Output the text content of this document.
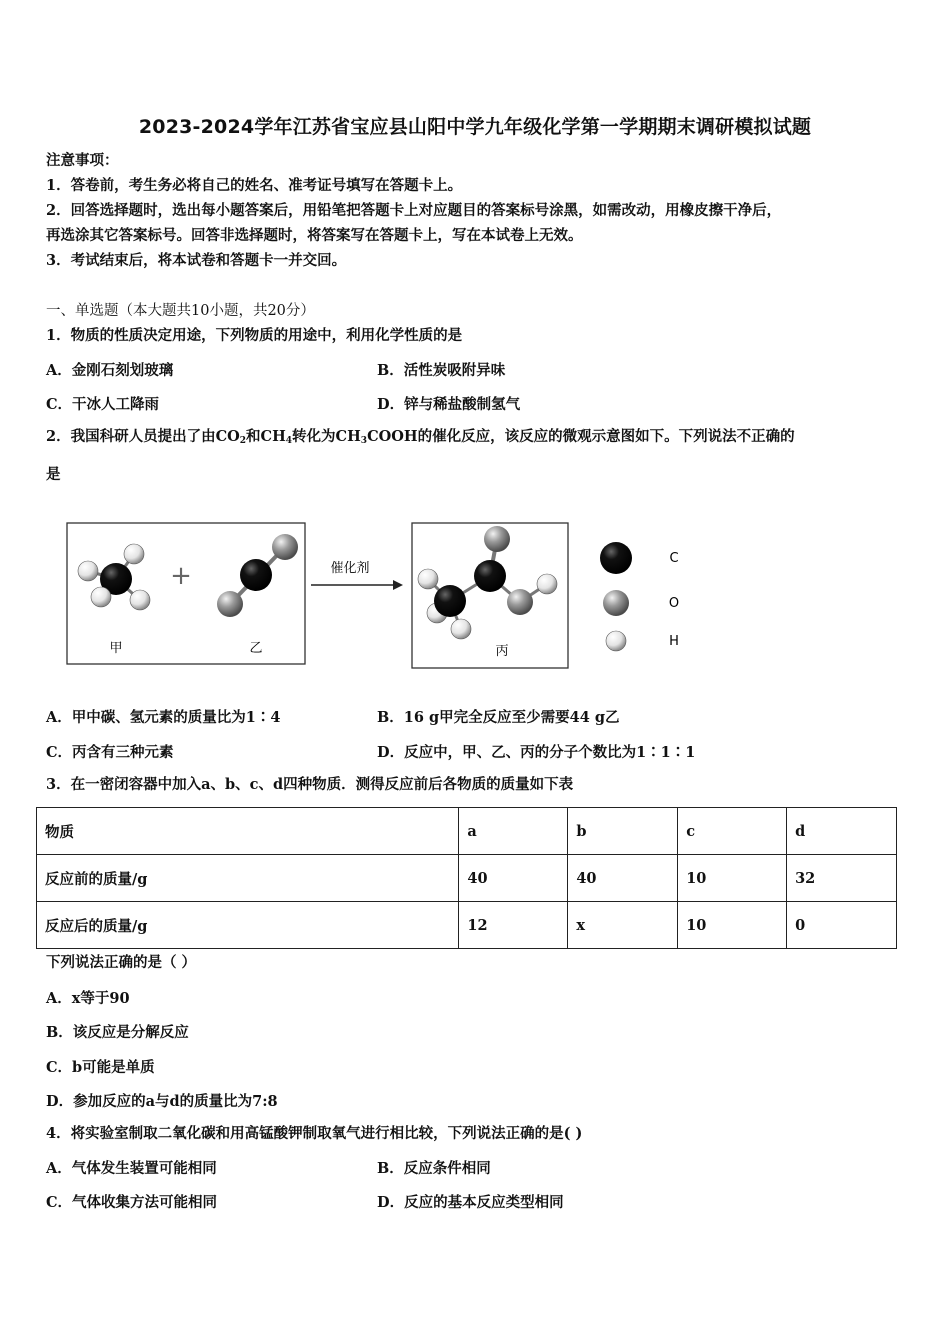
2023-2024学年江苏省宝应县山阳中学九年级化学第一学期期末调研模拟试题
注意事项：
1．答卷前，考生务必将自己的姓名、准考证号填写在答题卡上。
2．回答选择题时，选出每小题答案后，用铅笔把答题卡上对应题目的答案标号涂黑，如需改动，用橡皮擦干净后，
再选涂其它答案标号。回答非选择题时，将答案写在答题卡上，写在本试卷上无效。
3．考试结束后，将本试卷和答题卡一并交回。
一、单选题（本大题共10小题，共20分）
1．物质的性质决定用途，下列物质的用途中，利用化学性质的是
A．金刚石刻划玻璃	B．活性炭吸附异味
C．干冰人工降雨	D．锌与稀盐酸制氢气
2．我国科研人员提出了由$CO_2$和$CH_4$转化为$CH_3COOH$的催化反应，该反应的微观示意图如下。下列说法不正确的
是
甲
+
乙
催化剂
丙
C
O
H
A．甲中碳、氢元素的质量比为1∶4	B．16 g甲完全反应至少需要44 g乙
C．丙含有三种元素	D．反应中，甲、乙、丙的分子个数比为1∶1∶1
3．在一密闭容器中加入a、b、c、d四种物质．测得反应前后各物质的质量如下表
物质	a	b	c	d
反应前的质量/g	40	40	10	32
反应后的质量/g	12	x	10	0
下列说法正确的是（ ）
A．x等于90
B．该反应是分解反应
C．b可能是单质
D．参加反应的a与d的质量比为7:8
4．将实验室制取二氧化碳和用高锰酸钾制取氧气进行相比较，下列说法正确的是( )
A．气体发生装置可能相同	B．反应条件相同
C．气体收集方法可能相同	D．反应的基本反应类型相同
